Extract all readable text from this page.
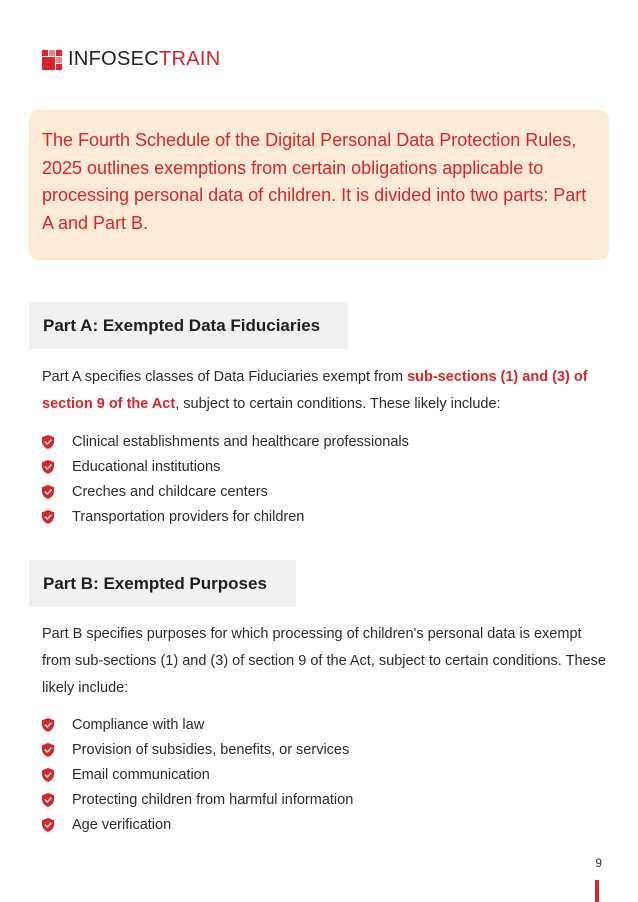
INFOSECTRAIN

The Fourth Schedule of the Digital Personal Data Protection Rules, 2025 outlines exemptions from certain obligations applicable to processing personal data of children. It is divided into two parts: Part A and Part B.

Part A: Exempted Data Fiduciaries

Part A specifies classes of Data Fiduciaries exempt from sub-sections (1) and (3) of section 9 of the Act, subject to certain conditions. These likely include:

Clinical establishments and healthcare professionals
Educational institutions
Creches and childcare centers
Transportation providers for children
Part B: Exempted Purposes

Part B specifies purposes for which processing of children's personal data is exempt from sub-sections (1) and (3) of section 9 of the Act, subject to certain conditions. These likely include:

Compliance with law
Provision of subsidies, benefits, or services
Email communication
Protecting children from harmful information
Age verification
9
